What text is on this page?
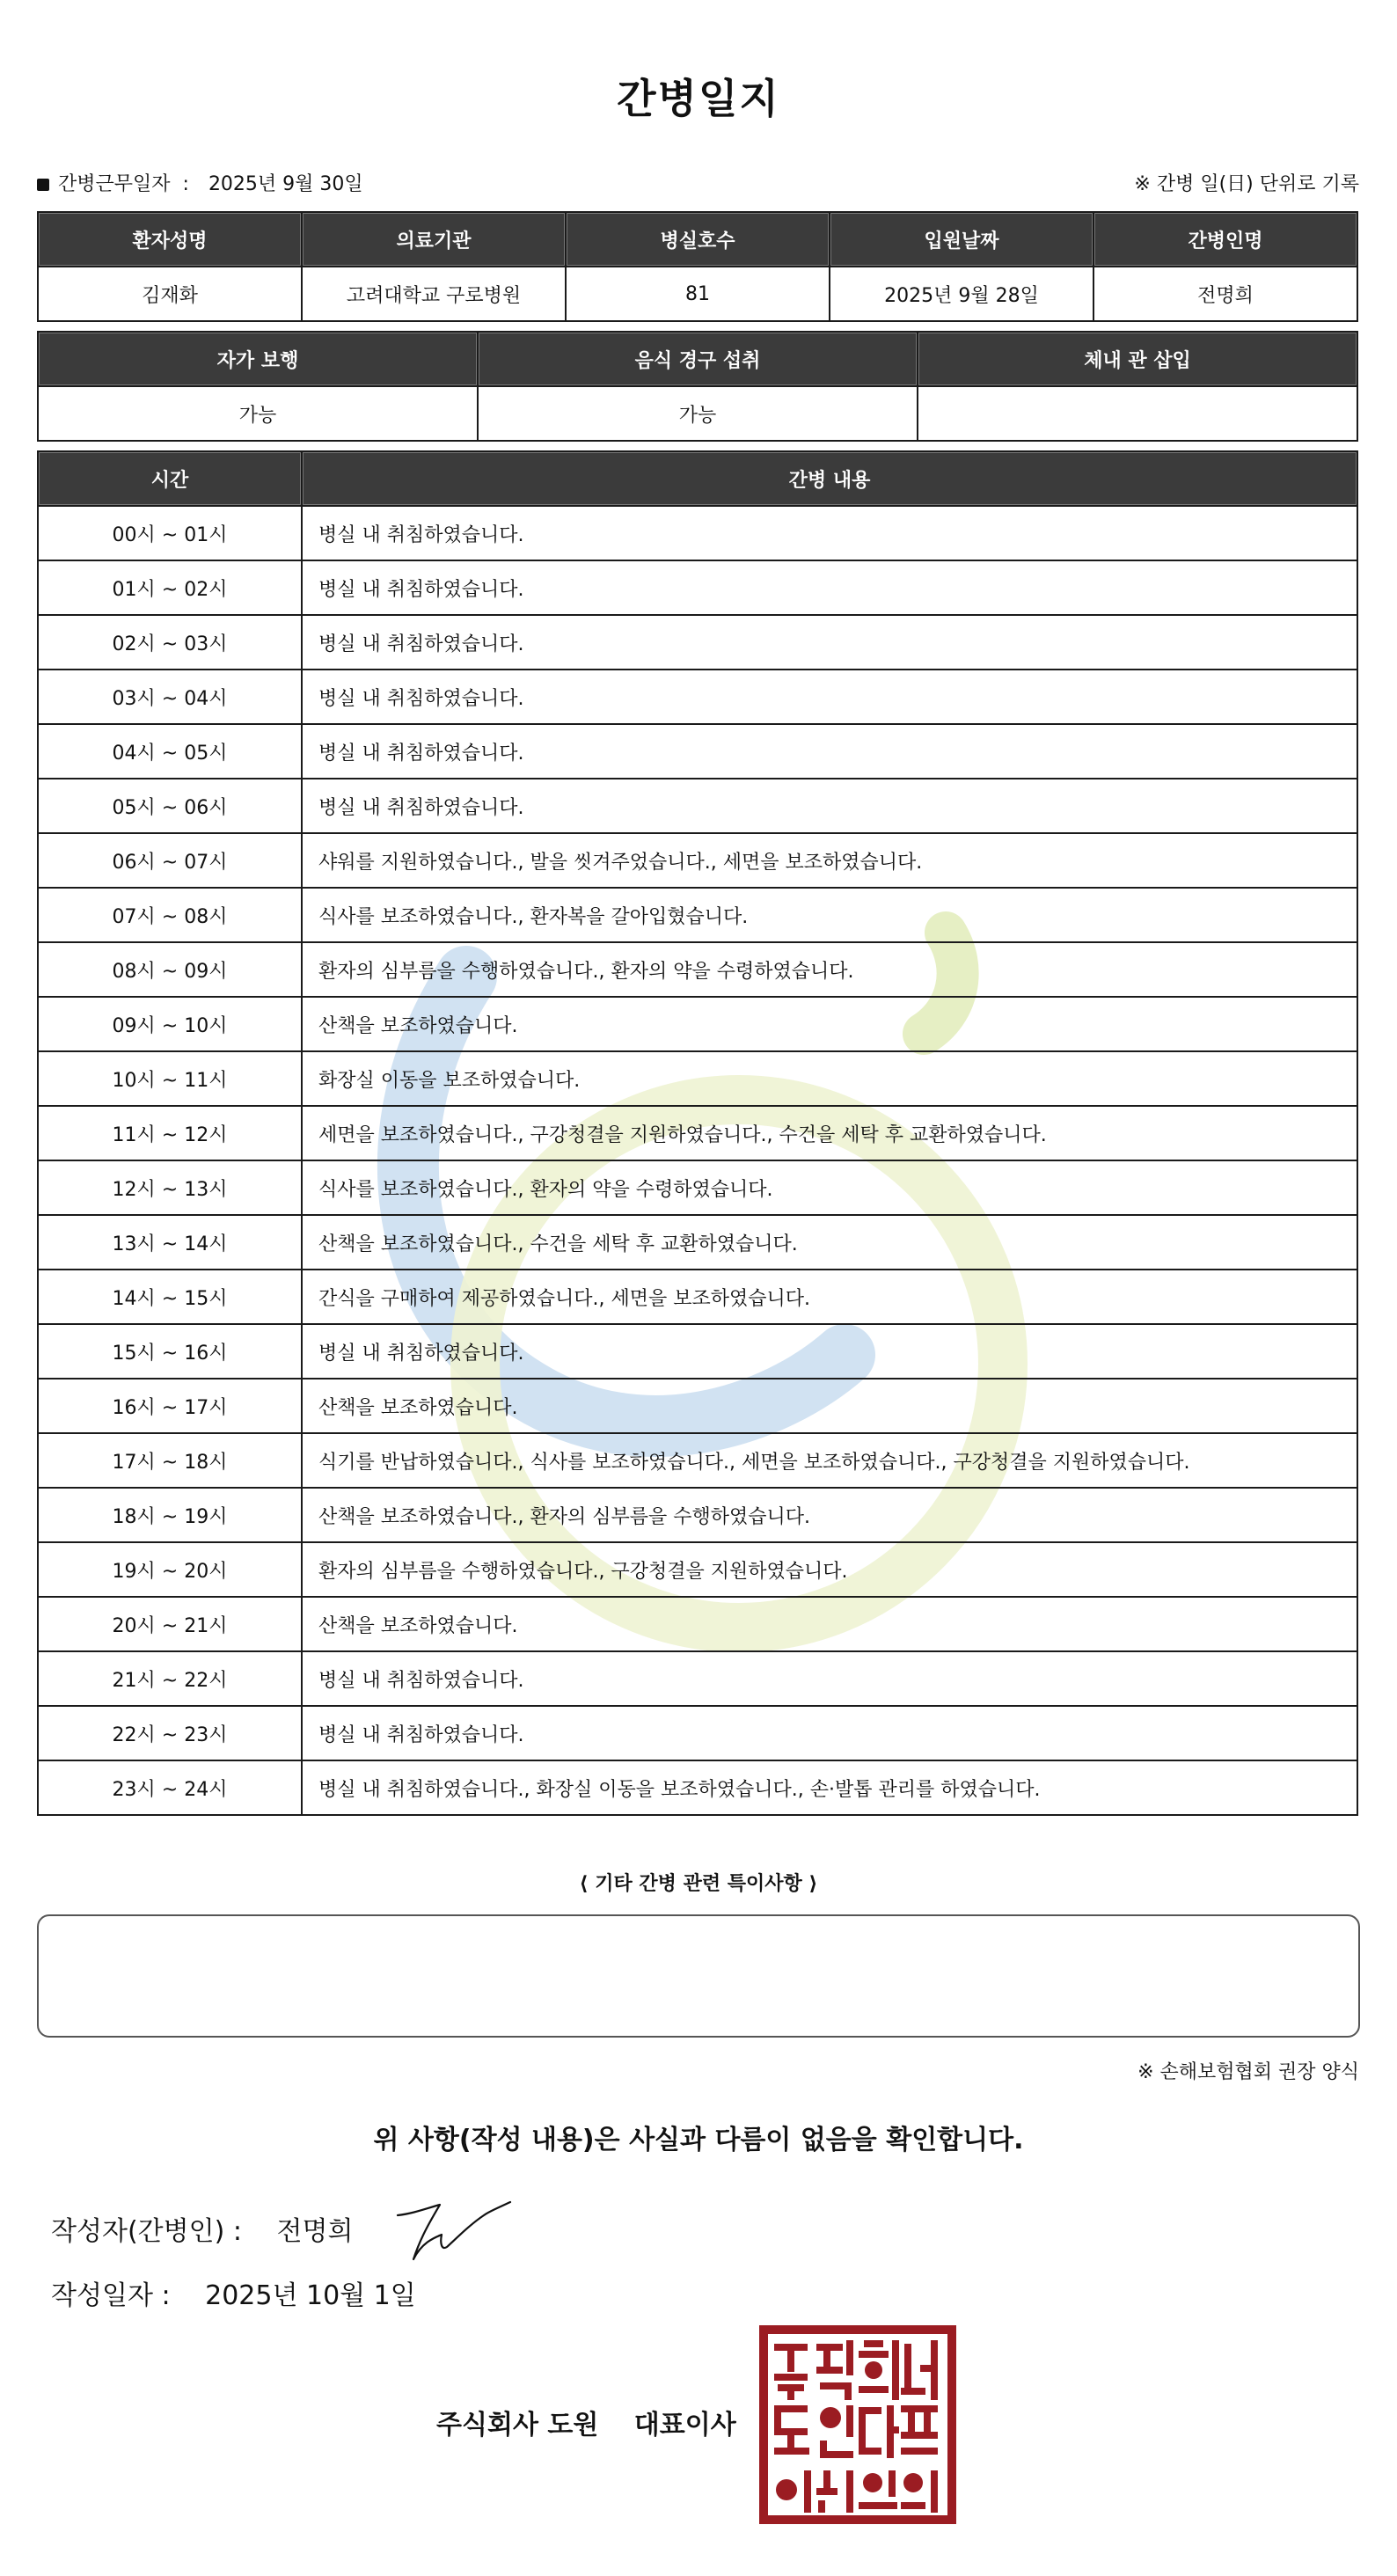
간병일지
간병근무일자 : 2025년 9월 30일	※ 간병 일(日) 단위로 기록
환자성명	의료기관	병실호수	입원날짜	간병인명
김재화	고려대학교 구로병원	81	2025년 9월 28일	전명희
자가 보행	음식 경구 섭취	체내 관 삽입
가능	가능	
시간	간병 내용
00시 ~ 01시	병실 내 취침하였습니다.
01시 ~ 02시	병실 내 취침하였습니다.
02시 ~ 03시	병실 내 취침하였습니다.
03시 ~ 04시	병실 내 취침하였습니다.
04시 ~ 05시	병실 내 취침하였습니다.
05시 ~ 06시	병실 내 취침하였습니다.
06시 ~ 07시	샤워를 지원하였습니다., 발을 씻겨주었습니다., 세면을 보조하였습니다.
07시 ~ 08시	식사를 보조하였습니다., 환자복을 갈아입혔습니다.
08시 ~ 09시	환자의 심부름을 수행하였습니다., 환자의 약을 수령하였습니다.
09시 ~ 10시	산책을 보조하였습니다.
10시 ~ 11시	화장실 이동을 보조하였습니다.
11시 ~ 12시	세면을 보조하였습니다., 구강청결을 지원하였습니다., 수건을 세탁 후 교환하였습니다.
12시 ~ 13시	식사를 보조하였습니다., 환자의 약을 수령하였습니다.
13시 ~ 14시	산책을 보조하였습니다., 수건을 세탁 후 교환하였습니다.
14시 ~ 15시	간식을 구매하여 제공하였습니다., 세면을 보조하였습니다.
15시 ~ 16시	병실 내 취침하였습니다.
16시 ~ 17시	산책을 보조하였습니다.
17시 ~ 18시	식기를 반납하였습니다., 식사를 보조하였습니다., 세면을 보조하였습니다., 구강청결을 지원하였습니다.
18시 ~ 19시	산책을 보조하였습니다., 환자의 심부름을 수행하였습니다.
19시 ~ 20시	환자의 심부름을 수행하였습니다., 구강청결을 지원하였습니다.
20시 ~ 21시	산책을 보조하였습니다.
21시 ~ 22시	병실 내 취침하였습니다.
22시 ~ 23시	병실 내 취침하였습니다.
23시 ~ 24시	병실 내 취침하였습니다., 화장실 이동을 보조하였습니다., 손·발톱 관리를 하였습니다.
⟨ 기타 간병 관련 특이사항 ⟩
※ 손해보험협회 권장 양식
위 사항(작성 내용)은 사실과 다름이 없음을 확인합니다.
작성자(간병인) : 전명희
작성일자 : 2025년 10월 1일
주식회사 도원 대표이사
